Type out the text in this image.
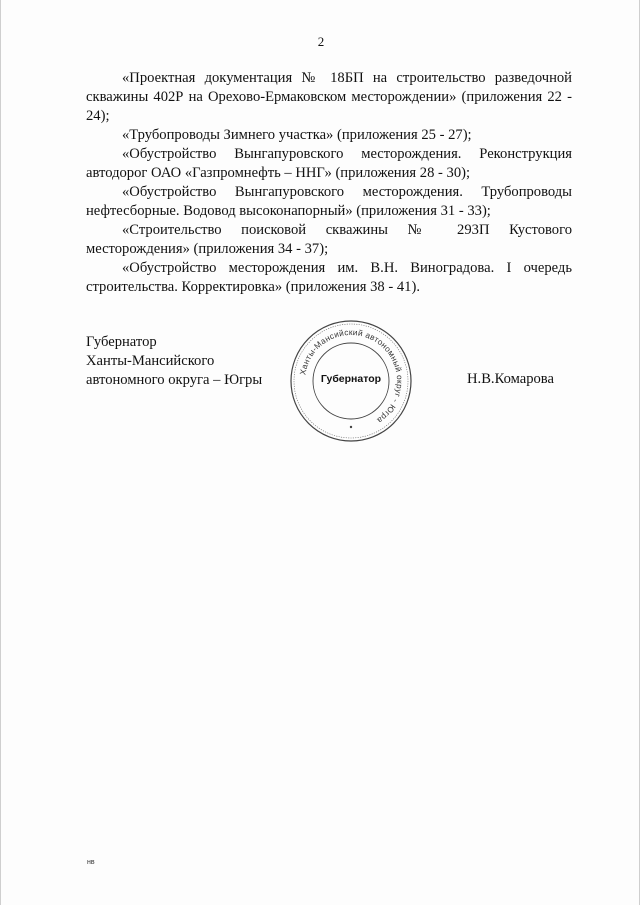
2

«Проектная документация № 18БП на строительство разведочной скважины 402Р на Орехово-Ермаковском месторождении» (приложения 22 - 24);

«Трубопроводы Зимнего участка» (приложения 25 - 27);

«Обустройство Вынгапуровского месторождения. Реконструкция автодорог ОАО «Газпромнефть – ННГ» (приложения 28 - 30);

«Обустройство Вынгапуровского месторождения. Трубопроводы нефтесборные. Водовод высоконапорный» (приложения 31 - 33);

«Строительство поисковой скважины № 293П Кустового месторождения» (приложения 34 - 37);

«Обустройство месторождения им. В.Н. Виноградова. I очередь строительства. Корректировка» (приложения 38 - 41).

Губернатор
Ханты-Мансийского
автономного округа – Югры
Ханты-Мансийский автономный округ - Югра
Губернатор	Н.В.Комарова
нв
